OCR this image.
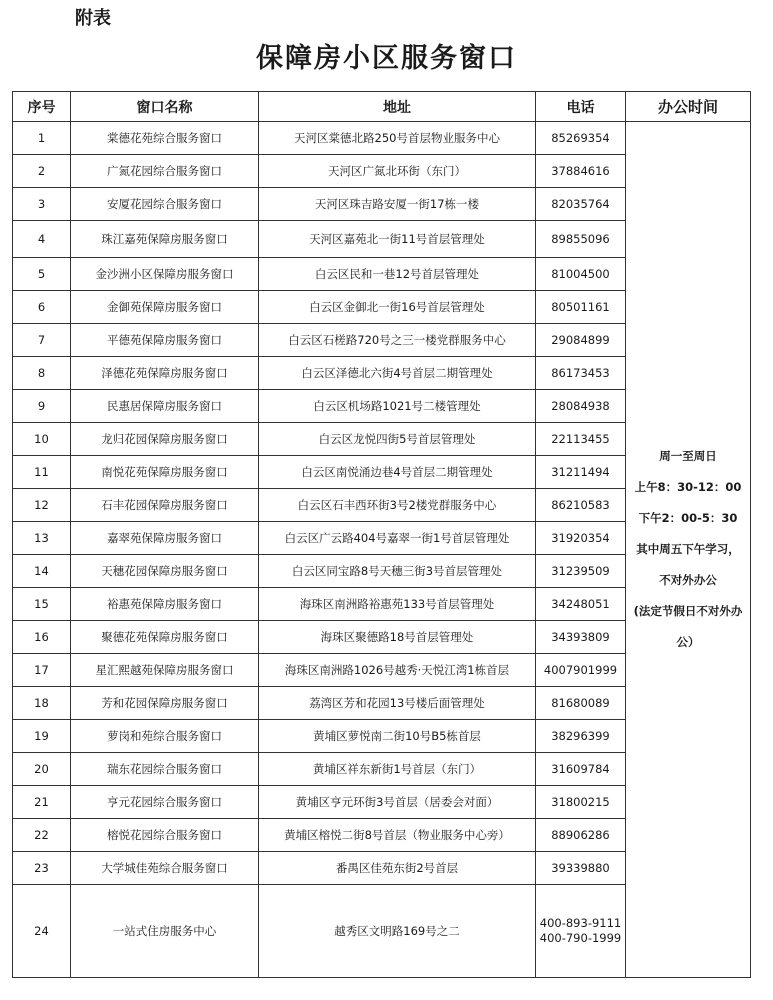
附表
保障房小区服务窗口
序号	窗口名称	地址	电话	办公时间
1	棠德花苑综合服务窗口	天河区棠德北路250号首层物业服务中心	85269354	周一至周日
上午8：30-12：00
下午2：00-5：30
其中周五下午学习，不对外办公
(法定节假日不对外办公）

2	广氮花园综合服务窗口	天河区广氮北环街（东门）	37884616	
3	安厦花园综合服务窗口	天河区珠吉路安厦一街17栋一楼	82035764	
4	珠江嘉苑保障房服务窗口	天河区嘉苑北一街11号首层管理处	89855096	
5	金沙洲小区保障房服务窗口	白云区民和一巷12号首层管理处	81004500	
6	金御苑保障房服务窗口	白云区金御北一街16号首层管理处	80501161	
7	平德苑保障房服务窗口	白云区石槎路720号之三一楼党群服务中心	29084899	
8	泽德花苑保障房服务窗口	白云区泽德北六街4号首层二期管理处	86173453	
9	民惠居保障房服务窗口	白云区机场路1021号二楼管理处	28084938	
10	龙归花园保障房服务窗口	白云区龙悦四街5号首层管理处	22113455	
11	南悦花苑保障房服务窗口	白云区南悦涌边巷4号首层二期管理处	31211494	
12	石丰花园保障房服务窗口	白云区石丰西环街3号2楼党群服务中心	86210583	
13	嘉翠苑保障房服务窗口	白云区广云路404号嘉翠一街1号首层管理处	31920354	
14	天穗花园保障房服务窗口	白云区同宝路8号天穗三街3号首层管理处	31239509	
15	裕惠苑保障房服务窗口	海珠区南洲路裕惠苑133号首层管理处	34248051	
16	聚德花苑保障房服务窗口	海珠区聚德路18号首层管理处	34393809	
17	星汇熙越苑保障房服务窗口	海珠区南洲路1026号越秀·天悦江湾1栋首层	4007901999	
18	芳和花园保障房服务窗口	荔湾区芳和花园13号楼后面管理处	81680089	
19	萝岗和苑综合服务窗口	黄埔区萝悦南二街10号B5栋首层	38296399	
20	瑞东花园综合服务窗口	黄埔区祥东新街1号首层（东门）	31609784	
21	亨元花园综合服务窗口	黄埔区亨元环街3号首层（居委会对面）	31800215	
22	榕悦花园综合服务窗口	黄埔区榕悦二街8号首层（物业服务中心旁）	88906286	
23	大学城佳苑综合服务窗口	番禺区佳苑东街2号首层	39339880	
24	一站式住房服务中心	越秀区文明路169号之二	400-893-9111 400-790-1999	
